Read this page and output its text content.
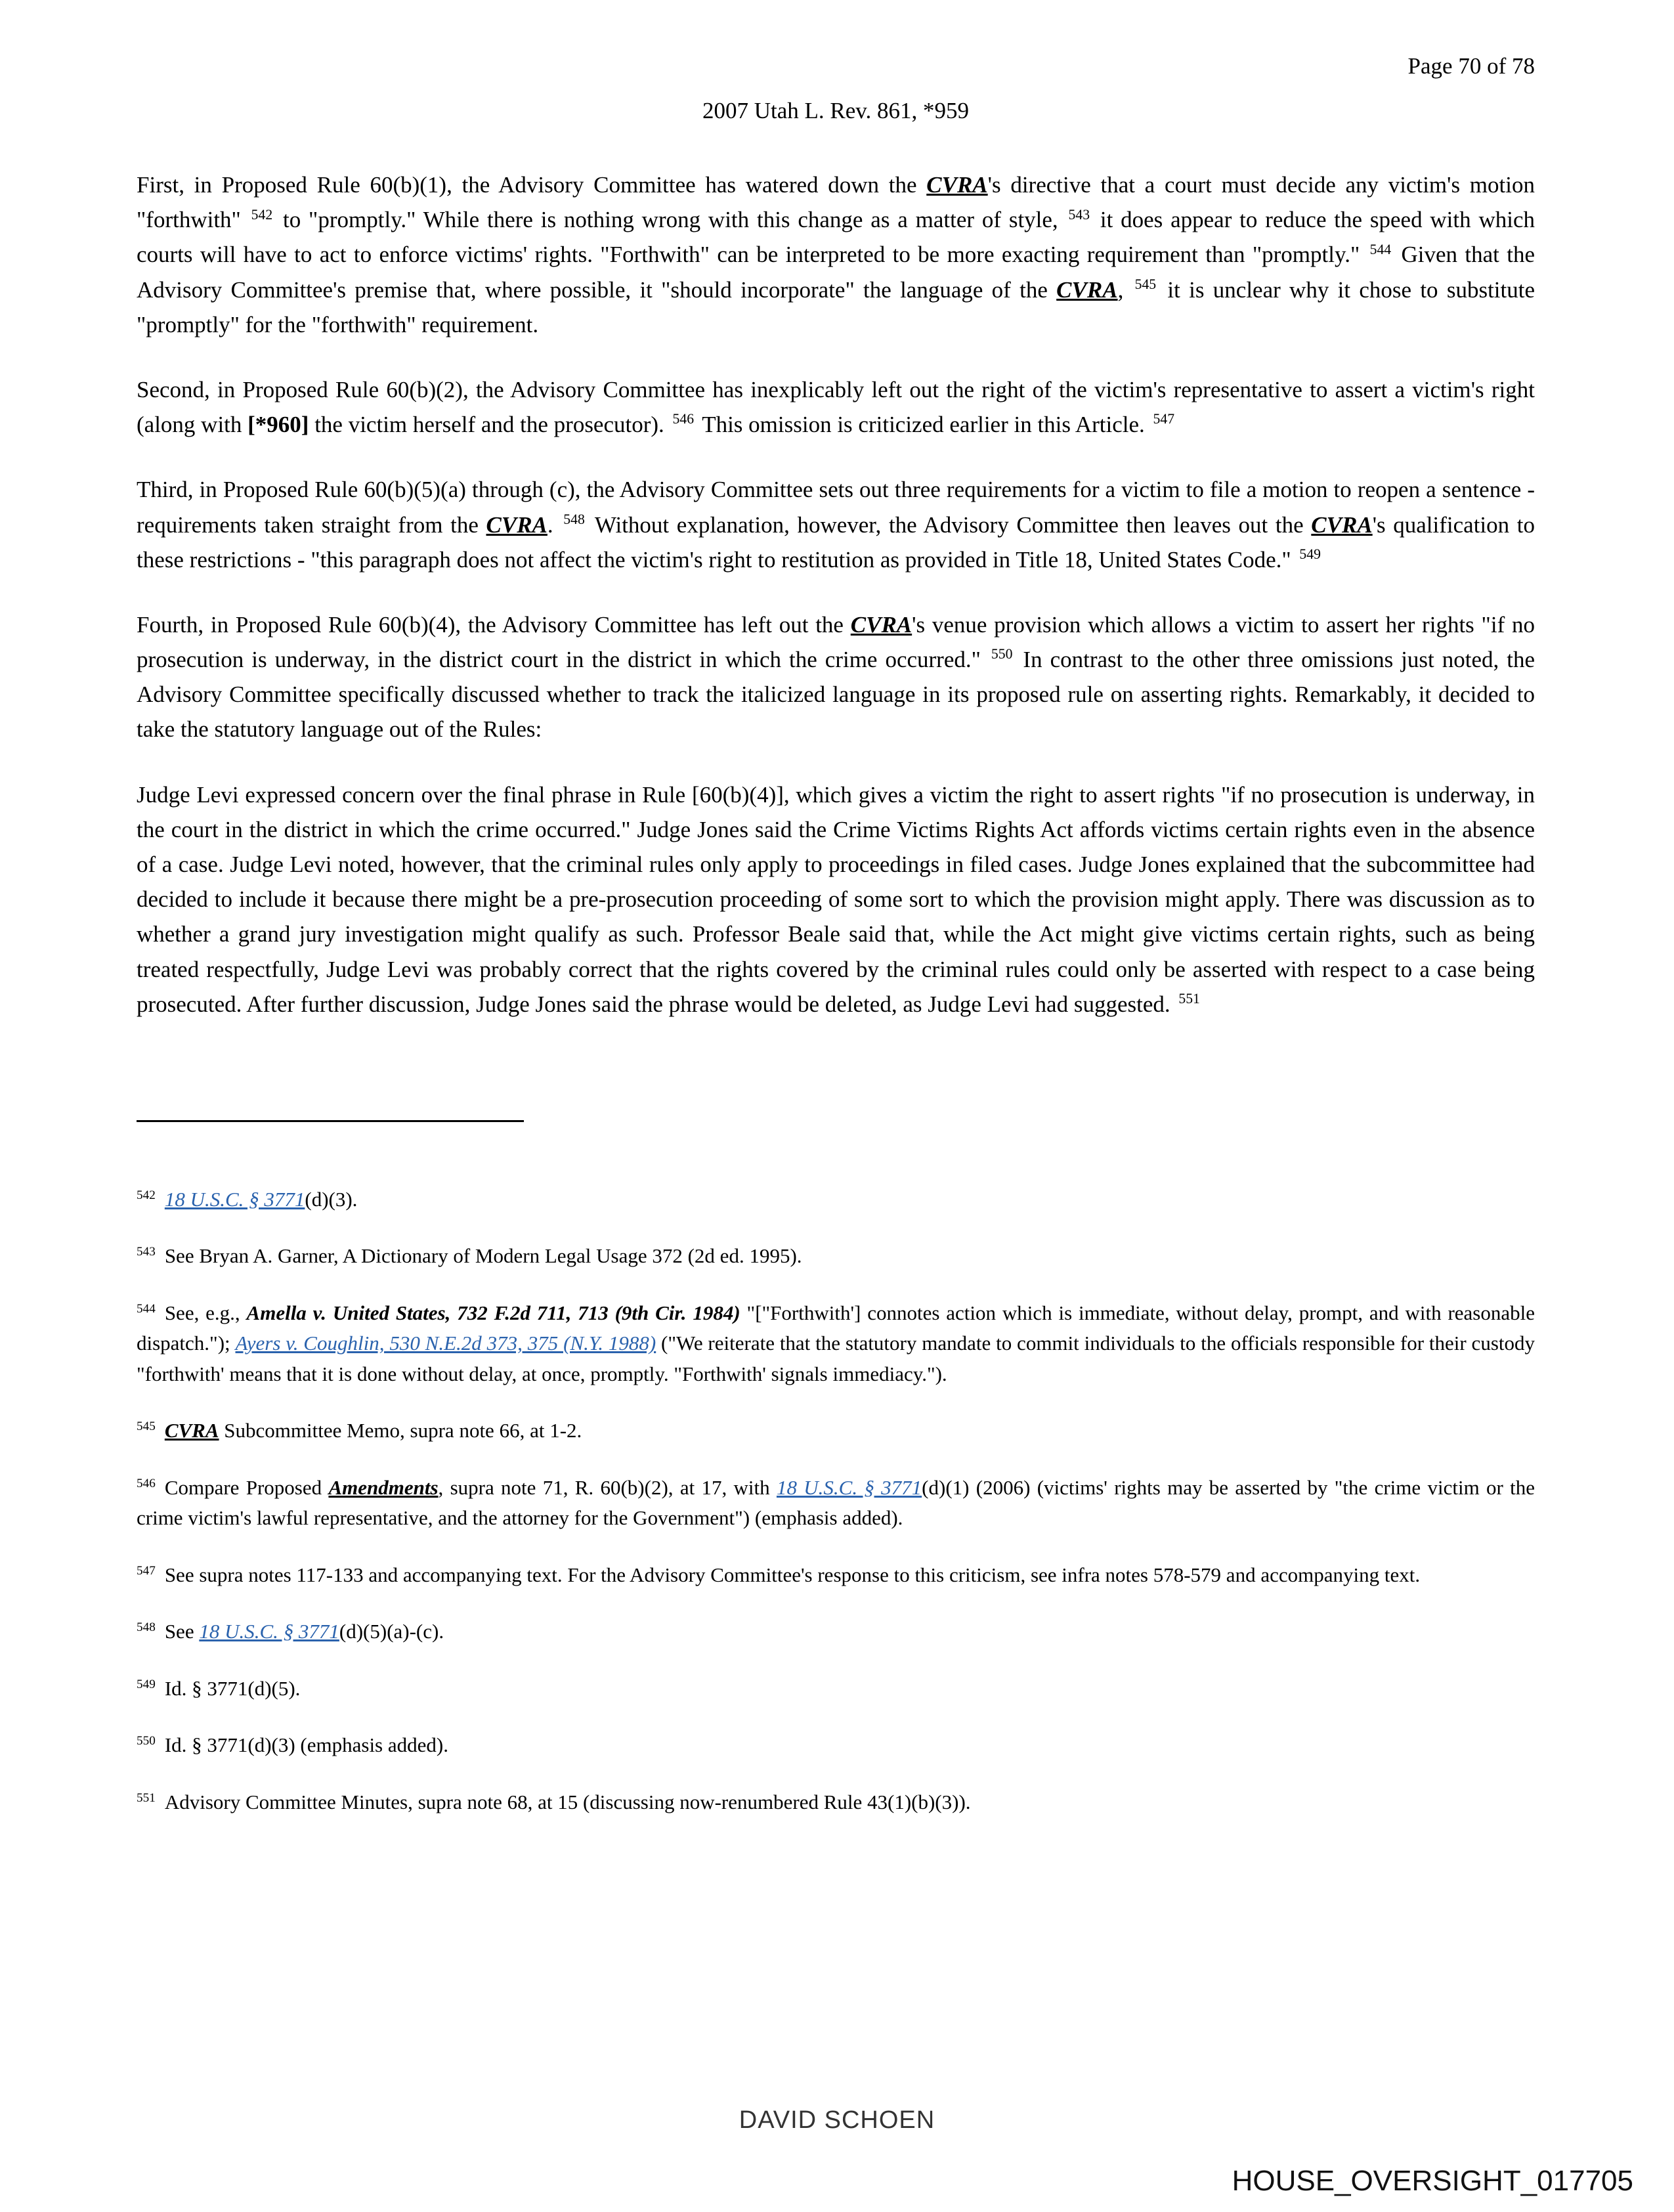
Page 70 of 78
2007 Utah L. Rev. 861, *959

First, in Proposed Rule 60(b)(1), the Advisory Committee has watered down the CVRA's directive that a court must decide any victim's motion "forthwith" $^{542}$ to "promptly." While there is nothing wrong with this change as a matter of style, $^{543}$ it does appear to reduce the speed with which courts will have to act to enforce victims' rights. "Forthwith" can be interpreted to be more exacting requirement than "promptly." $^{544}$ Given that the Advisory Committee's premise that, where possible, it "should incorporate" the language of the CVRA, $^{545}$ it is unclear why it chose to substitute "promptly" for the "forthwith" requirement.

Second, in Proposed Rule 60(b)(2), the Advisory Committee has inexplicably left out the right of the victim's representative to assert a victim's right (along with [*960] the victim herself and the prosecutor). $^{546}$ This omission is criticized earlier in this Article. $^{547}$

Third, in Proposed Rule 60(b)(5)(a) through (c), the Advisory Committee sets out three requirements for a victim to file a motion to reopen a sentence - requirements taken straight from the CVRA. $^{548}$ Without explanation, however, the Advisory Committee then leaves out the CVRA's qualification to these restrictions - "this paragraph does not affect the victim's right to restitution as provided in Title 18, United States Code." $^{549}$

Fourth, in Proposed Rule 60(b)(4), the Advisory Committee has left out the CVRA's venue provision which allows a victim to assert her rights "if no prosecution is underway, in the district court in the district in which the crime occurred." $^{550}$ In contrast to the other three omissions just noted, the Advisory Committee specifically discussed whether to track the italicized language in its proposed rule on asserting rights. Remarkably, it decided to take the statutory language out of the Rules:

Judge Levi expressed concern over the final phrase in Rule [60(b)(4)], which gives a victim the right to assert rights "if no prosecution is underway, in the court in the district in which the crime occurred." Judge Jones said the Crime Victims Rights Act affords victims certain rights even in the absence of a case. Judge Levi noted, however, that the criminal rules only apply to proceedings in filed cases. Judge Jones explained that the subcommittee had decided to include it because there might be a pre-prosecution proceeding of some sort to which the provision might apply. There was discussion as to whether a grand jury investigation might qualify as such. Professor Beale said that, while the Act might give victims certain rights, such as being treated respectfully, Judge Levi was probably correct that the rights covered by the criminal rules could only be asserted with respect to a case being prosecuted. After further discussion, Judge Jones said the phrase would be deleted, as Judge Levi had suggested. $^{551}$

$^{542}$ 18 U.S.C. § 3771(d)(3).
$^{543}$ See Bryan A. Garner, A Dictionary of Modern Legal Usage 372 (2d ed. 1995).
$^{544}$ See, e.g., Amella v. United States, 732 F.2d 711, 713 (9th Cir. 1984) "["Forthwith'] connotes action which is immediate, without delay, prompt, and with reasonable dispatch."); Ayers v. Coughlin, 530 N.E.2d 373, 375 (N.Y. 1988) ("We reiterate that the statutory mandate to commit individuals to the officials responsible for their custody "forthwith' means that it is done without delay, at once, promptly. "Forthwith' signals immediacy.").
$^{545}$ CVRA Subcommittee Memo, supra note 66, at 1-2.
$^{546}$ Compare Proposed Amendments, supra note 71, R. 60(b)(2), at 17, with 18 U.S.C. § 3771(d)(1) (2006) (victims' rights may be asserted by "the crime victim or the crime victim's lawful representative, and the attorney for the Government") (emphasis added).
$^{547}$ See supra notes 117-133 and accompanying text. For the Advisory Committee's response to this criticism, see infra notes 578-579 and accompanying text.
$^{548}$ See 18 U.S.C. § 3771(d)(5)(a)-(c).
$^{549}$ Id. § 3771(d)(5).
$^{550}$ Id. § 3771(d)(3) (emphasis added).
$^{551}$ Advisory Committee Minutes, supra note 68, at 15 (discussing now-renumbered Rule 43(1)(b)(3)).
DAVID SCHOEN
HOUSE_OVERSIGHT_017705
